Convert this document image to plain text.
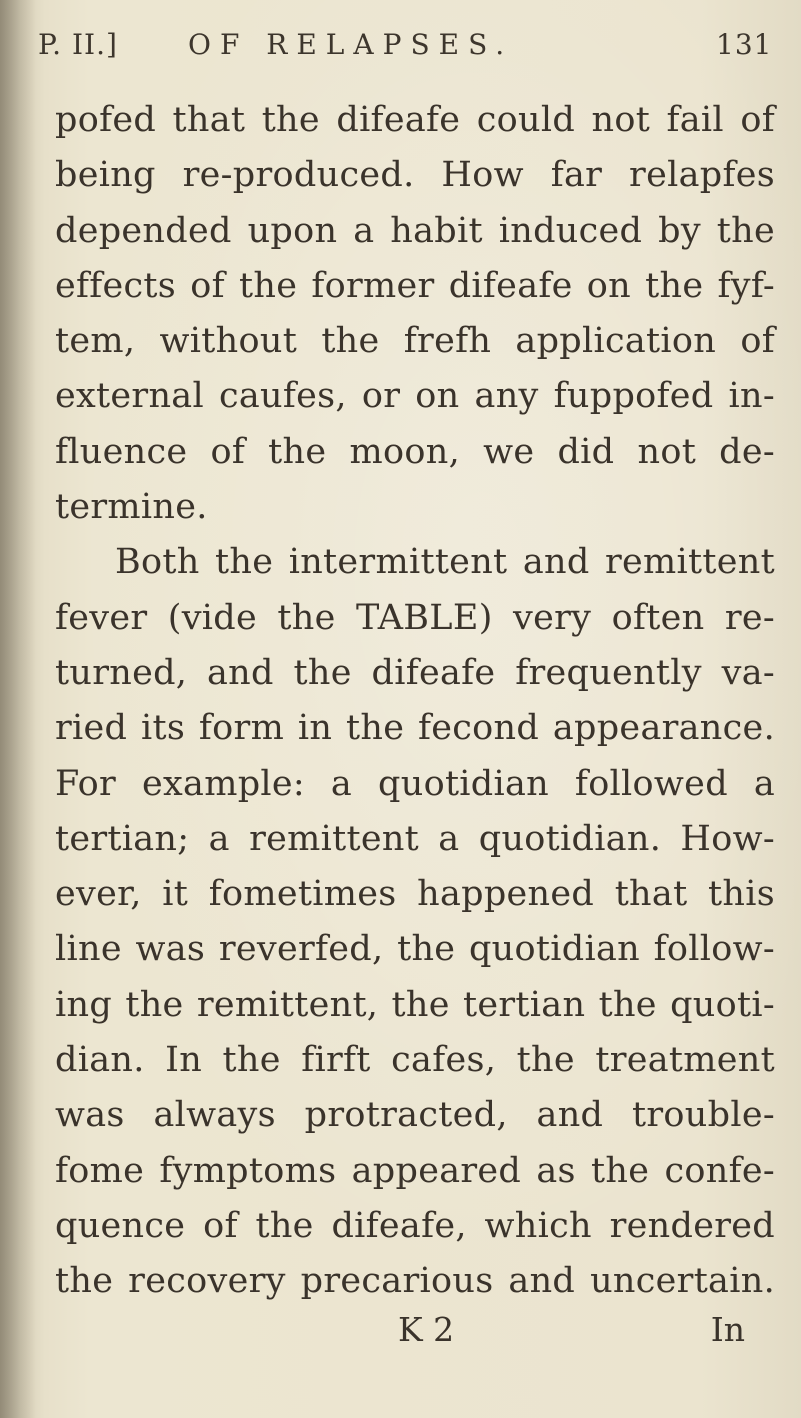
P. II.]	OF RELAPSES.	131
pofed that the difeafe could not fail of
being re-produced. How far relapfes
depended upon a habit induced by the
effects of the former difeafe on the fyf-
tem, without the frefh application of
external caufes, or on any fuppofed in-
fluence of the moon, we did not de-
termine.
Both the intermittent and remittent
fever (vide the TABLE) very often re-
turned, and the difeafe frequently va-
ried its form in the fecond appearance.
For example: a quotidian followed a
tertian; a remittent a quotidian. How-
ever, it fometimes happened that this
line was reverfed, the quotidian follow-
ing the remittent, the tertian the quoti-
dian. In the firft cafes, the treatment
was always protracted, and trouble-
fome fymptoms appeared as the confe-
quence of the difeafe, which rendered
the recovery precarious and uncertain.
K 2	In
